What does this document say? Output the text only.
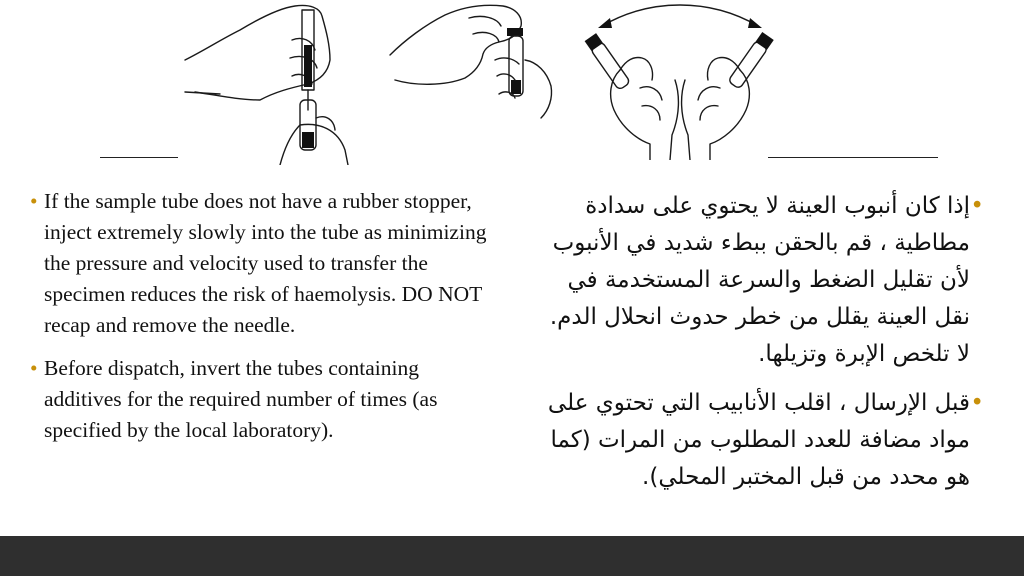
• If the sample tube does not have a rubber stopper, inject extremely slowly into the tube as minimizing the pressure and velocity used to transfer the specimen reduces the risk of haemolysis. DO NOT recap and remove the needle.
• Before dispatch, invert the tubes containing additives for the required number of times (as specified by the local laboratory).
•
إذا كان أنبوب العينة لا يحتوي على سدادة مطاطية ، قم بالحقن ببطء شديد في الأنبوب لأن تقليل الضغط والسرعة المستخدمة في نقل العينة يقلل من خطر حدوث انحلال الدم. لا تلخص الإبرة وتزيلها.
•
قبل الإرسال ، اقلب الأنابيب التي تحتوي على مواد مضافة للعدد المطلوب من المرات (كما هو محدد من قبل المختبر المحلي).
